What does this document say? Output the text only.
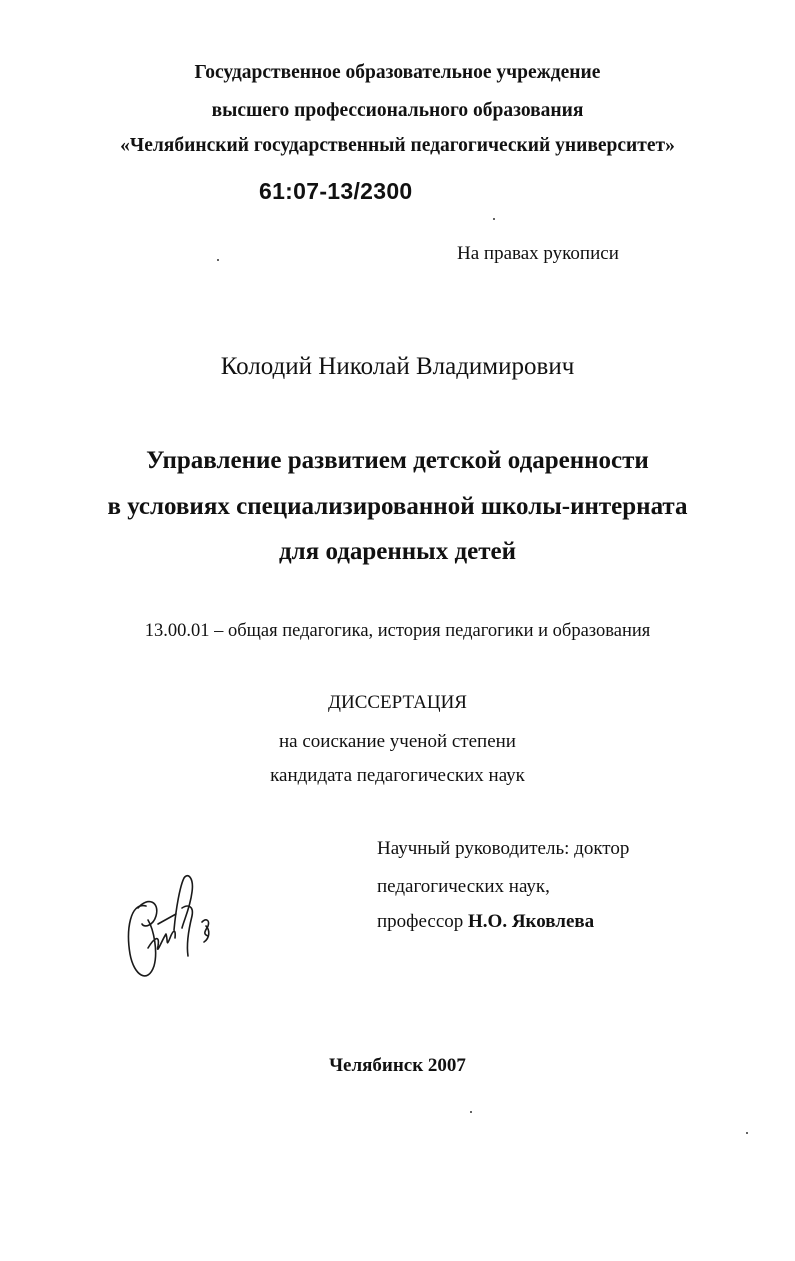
Государственное образовательное учреждение
высшего профессионального образования
«Челябинский государственный педагогический университет»
61:07-13/2300
На правах рукописи
Колодий Николай Владимирович
Управление развитием детской одаренности
в условиях специализированной школы-интерната
для одаренных детей
13.00.01 – общая педагогика, история педагогики и образования
ДИССЕРТАЦИЯ
на соискание ученой степени
кандидата педагогических наук
Научный руководитель: доктор
педагогических наук,
профессор Н.О. Яковлева
Челябинск 2007
